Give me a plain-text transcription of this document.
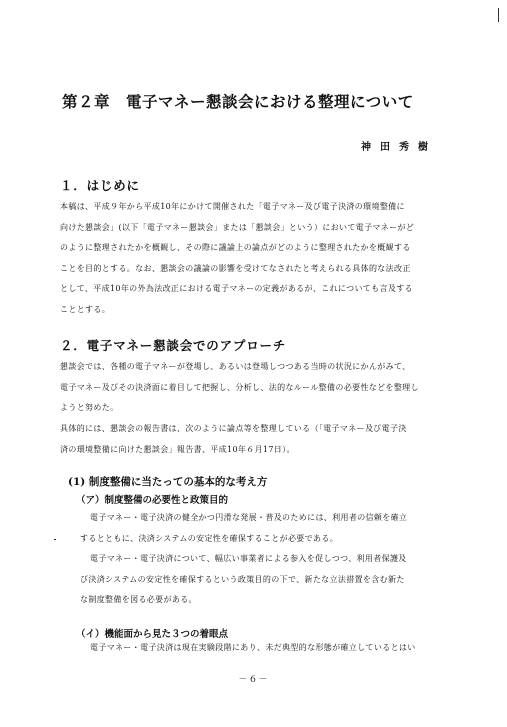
第２章　電子マネー懇談会における整理について
神田秀樹
１．はじめに
本稿は、平成９年から平成10年にかけて開催された「電子マネー及び電子決済の環境整備に
向けた懇談会」(以下「電子マネー懇談会」または「懇談会」という）において電子マネーがど
のように整理されたかを概観し、その際に議論上の論点がどのように整理されたかを概観する
ことを目的とする。なお、懇談会の議論の影響を受けてなされたと考えられる具体的な法改正
として、平成10年の外為法改正における電子マネーの定義があるが、これについても言及する
こととする。
２．電子マネー懇談会でのアプローチ
懇談会では、各種の電子マネーが登場し、あるいは登場しつつある当時の状況にかんがみて、
電子マネー及びその決済面に着目して把握し、分析し、法的なルール整備の必要性などを整理し
ようと努めた。
具体的には、懇談会の報告書は、次のように論点等を整理している（「電子マネー及び電子決
済の環境整備に向けた懇談会」報告書、平成10年６月17日）。
(1) 制度整備に当たっての基本的な考え方
（ア）制度整備の必要性と政策目的
電子マネー・電子決済の健全かつ円滑な発展・普及のためには、利用者の信頼を確立
するとともに、決済システムの安定性を確保することが必要である。
電子マネー・電子決済について、幅広い事業者による参入を促しつつ、利用者保護及
び決済システムの安定性を確保するという政策目的の下で、新たな立法措置を含む新た
な制度整備を図る必要がある。
（イ）機能面から見た３つの着眼点
電子マネー・電子決済は現在実験段階にあり、未だ典型的な形態が確立しているとはい
－６－
